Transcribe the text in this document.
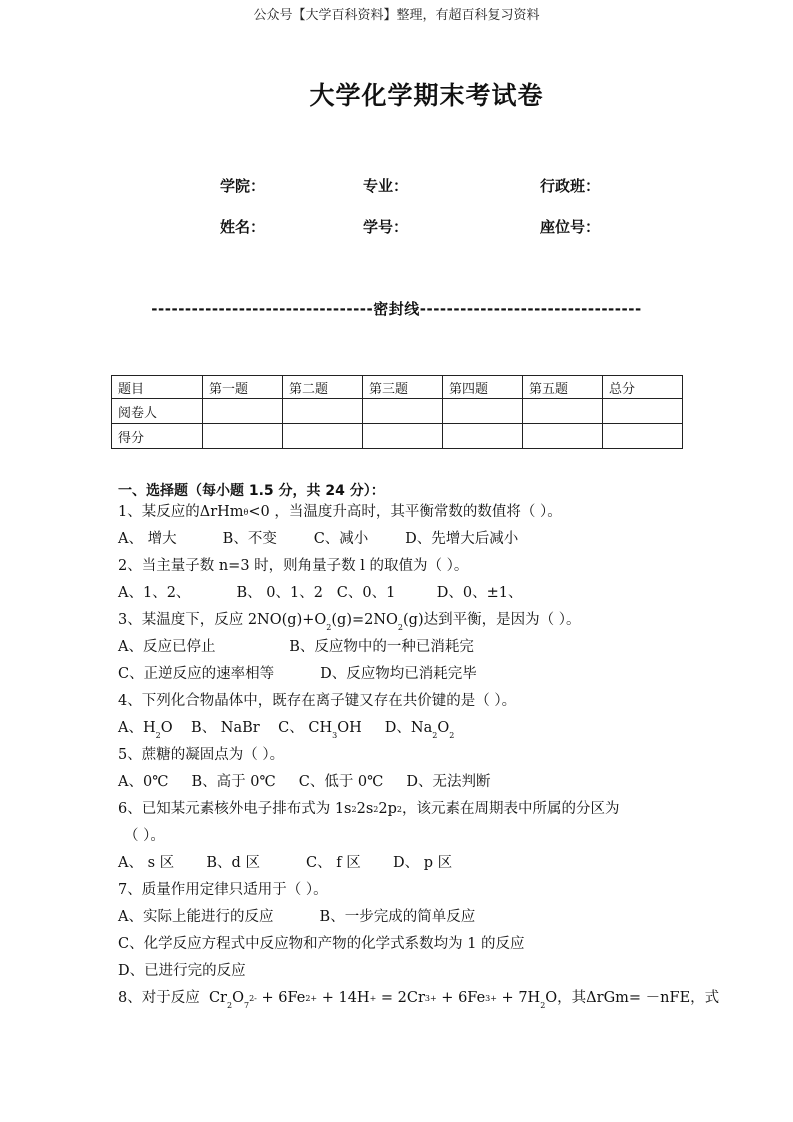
公众号【大学百科资料】整理，有超百科复习资料
大学化学期末考试卷
学院：	专业：	行政班：
姓名：	学号：	座位号：
---------------------------------密封线---------------------------------
题目	第一题	第二题	第三题	第四题	第五题	总分
阅卷人						
得分						
一、选择题（每小题 1.5 分，共 24 分）：
1、某反应的ΔrHmθ<0 ，当温度升高时，其平衡常数的数值将（ ）。
A、 增大          B、不变        C、减小        D、先增大后减小
2、当主量子数 n=3 时，则角量子数 l 的取值为（ ）。
A、1、2、          B、 0、1、2   C、0、1         D、0、±1、
3、某温度下，反应 $2NO(g)+O_2(g)=2NO_2(g)$达到平衡，是因为（ ）。
A、反应已停止                B、反应物中的一种已消耗完
C、正逆反应的速率相等          D、反应物均已消耗完毕
4、下列化合物晶体中，既存在离子键又存在共价键的是（ ）。
A、$H_2O$    B、 NaBr    C、 $CH_3OH$     D、$Na_2O_2$
5、蔗糖的凝固点为（ ）。
A、0℃     B、高于 0℃     C、低于 0℃     D、无法判断
6、已知某元素核外电子排布式为 1s22s22p2，该元素在周期表中所属的分区为
（ ）。
A、 s 区       B、d 区          C、 f 区       D、 p 区
7、质量作用定律只适用于（ ）。
A、实际上能进行的反应          B、一步完成的简单反应
C、化学反应方程式中反应物和产物的化学式系数均为 1 的反应
D、已进行完的反应
8、对于反应  $Cr_2O_72- + 6Fe2+ + 14H+ = 2Cr3+ + 6Fe3+ + 7H_2O$，其ΔrGm= －nFE，式
